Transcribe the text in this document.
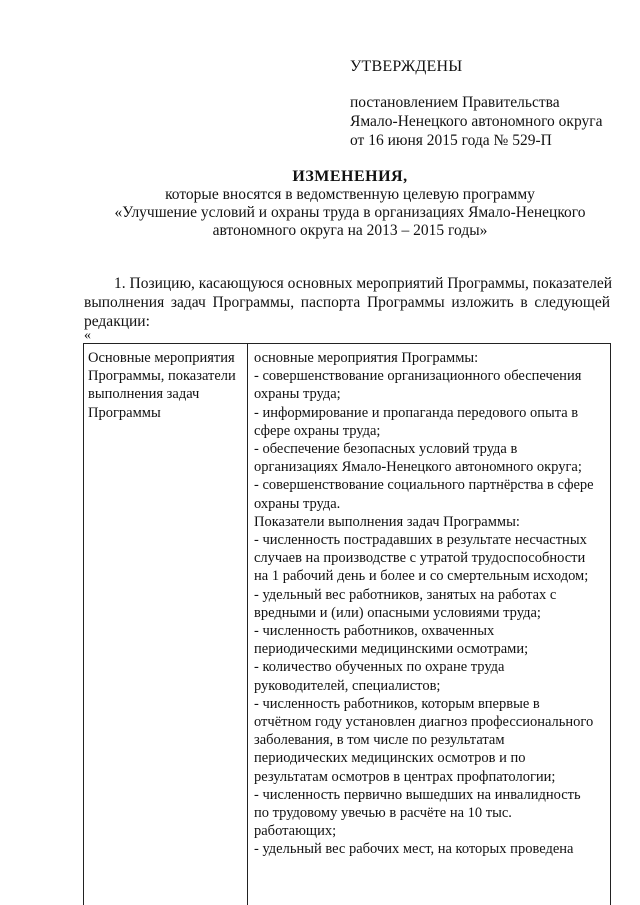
УТВЕРЖДЕНЫ
постановлением Правительства
Ямало-Ненецкого автономного округа
от 16 июня 2015 года № 529-П
ИЗМЕНЕНИЯ,
которые вносятся в ведомственную целевую программу
«Улучшение условий и охраны труда в организациях Ямало-Ненецкого
автономного округа на 2013 – 2015 годы»
1. Позицию, касающуюся основных мероприятий Программы, показателей
выполнения задач Программы, паспорта Программы изложить в следующей
редакции:
«
Основные мероприятия
Программы, показатели
выполнения задач
Программы
основные мероприятия Программы:
- совершенствование организационного обеспечения
охраны труда;
- информирование и пропаганда передового опыта в
сфере охраны труда;
- обеспечение безопасных условий труда в
организациях Ямало-Ненецкого автономного округа;
- совершенствование социального партнёрства в сфере
охраны труда.
Показатели выполнения задач Программы:
- численность пострадавших в результате несчастных
случаев на производстве с утратой трудоспособности
на 1 рабочий день и более и со смертельным исходом;
- удельный вес работников, занятых на работах с
вредными и (или) опасными условиями труда;
- численность работников, охваченных
периодическими медицинскими осмотрами;
- количество обученных по охране труда
руководителей, специалистов;
- численность работников, которым впервые в
отчётном году установлен диагноз профессионального
заболевания, в том числе по результатам
периодических медицинских осмотров и по
результатам осмотров в центрах профпатологии;
- численность первично вышедших на инвалидность
по трудовому увечью в расчёте на 10 тыс.
работающих;
- удельный вес рабочих мест, на которых проведена
